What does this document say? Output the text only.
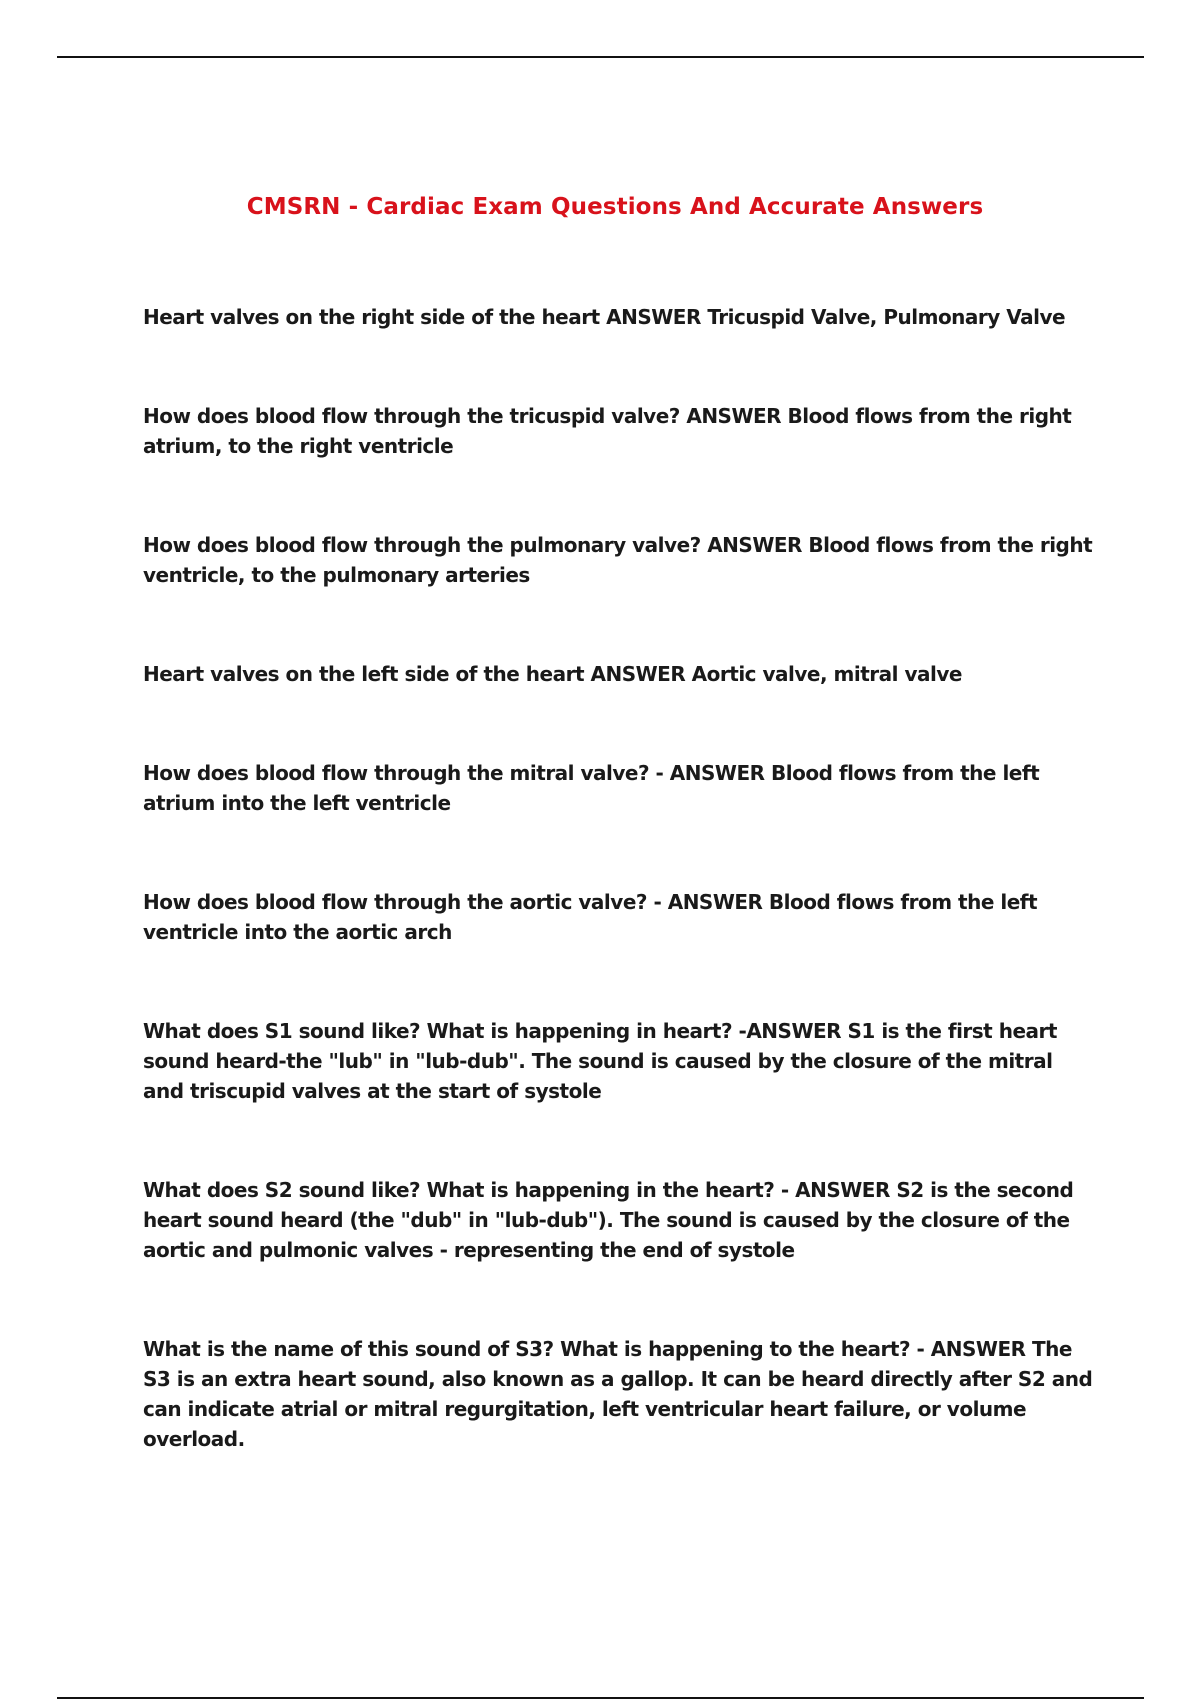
CMSRN - Cardiac Exam Questions And Accurate Answers

Heart valves on the right side of the heart ANSWER Tricuspid Valve, Pulmonary Valve

How does blood flow through the tricuspid valve? ANSWER Blood flows from the right atrium, to the right ventricle

How does blood flow through the pulmonary valve? ANSWER Blood flows from the right ventricle, to the pulmonary arteries

Heart valves on the left side of the heart ANSWER Aortic valve, mitral valve

How does blood flow through the mitral valve? - ANSWER Blood flows from the left atrium into the left ventricle

How does blood flow through the aortic valve? - ANSWER Blood flows from the left ventricle into the aortic arch

What does S1 sound like? What is happening in heart? -ANSWER S1 is the first heart sound heard-the "lub" in "lub-dub". The sound is caused by the closure of the mitral and triscupid valves at the start of systole

What does S2 sound like? What is happening in the heart? - ANSWER S2 is the second heart sound heard (the "dub" in "lub-dub"). The sound is caused by the closure of the aortic and pulmonic valves - representing the end of systole

What is the name of this sound of S3? What is happening to the heart? - ANSWER The S3 is an extra heart sound, also known as a gallop. It can be heard directly after S2 and can indicate atrial or mitral regurgitation, left ventricular heart failure, or volume overload.
